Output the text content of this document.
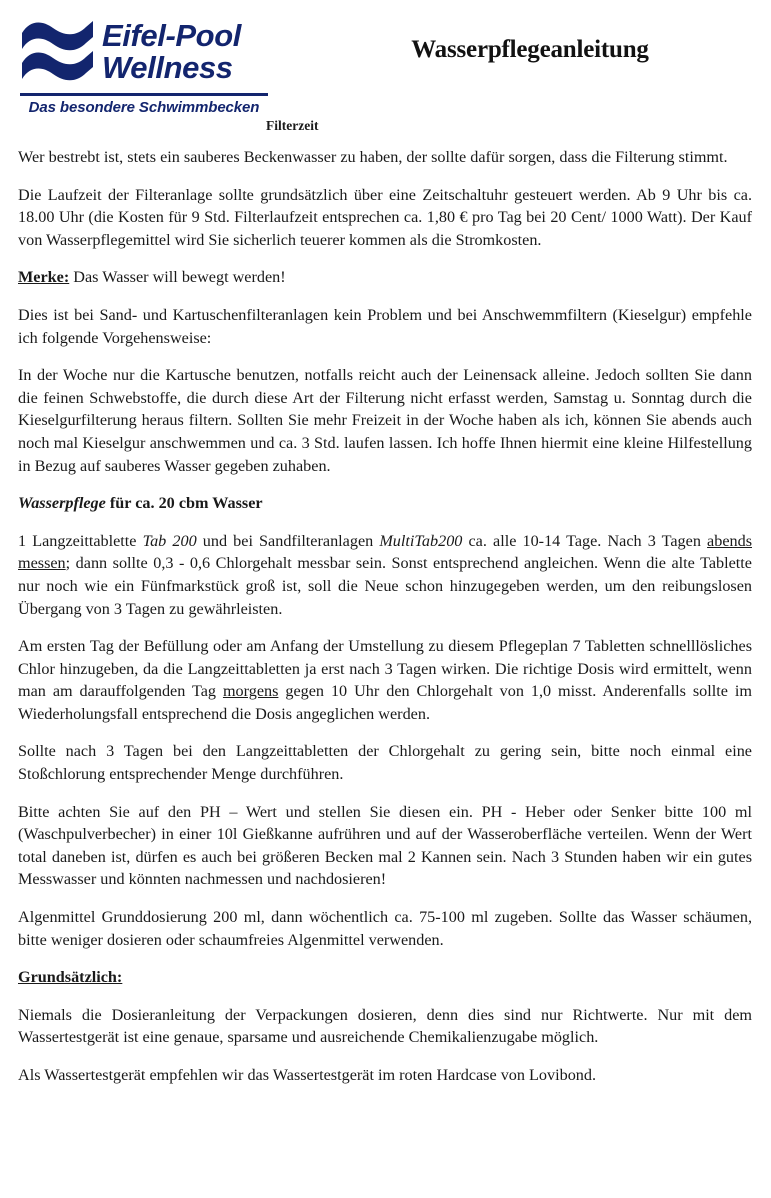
Eifel-Pool
Wellness
Das besondere Schwimmbecken
Wasserpflegeanleitung
Filterzeit

Wer bestrebt ist, stets ein sauberes Beckenwasser zu haben, der sollte dafür sorgen, dass die Filterung stimmt.

Die Laufzeit der Filteranlage sollte grundsätzlich über eine Zeitschaltuhr gesteuert werden. Ab 9 Uhr bis ca. 18.00 Uhr (die Kosten für 9 Std. Filterlaufzeit entsprechen ca. 1,80 € pro Tag bei 20 Cent/ 1000 Watt). Der Kauf von Wasserpflegemittel wird Sie sicherlich teuerer kommen als die Stromkosten.

Merke: Das Wasser will bewegt werden!

Dies ist bei Sand- und Kartuschenfilteranlagen kein Problem und bei Anschwemmfiltern (Kieselgur) empfehle ich folgende Vorgehensweise:

In der Woche nur die Kartusche benutzen, notfalls reicht auch der Leinensack alleine. Jedoch sollten Sie dann die feinen Schwebstoffe, die durch diese Art der Filterung nicht erfasst werden, Samstag u. Sonntag durch die Kieselgurfilterung heraus filtern. Sollten Sie mehr Freizeit in der Woche haben als ich, können Sie abends auch noch mal Kieselgur anschwemmen und ca. 3 Std. laufen lassen. Ich hoffe Ihnen hiermit eine kleine Hilfestellung in Bezug auf sauberes Wasser gegeben zuhaben.

Wasserpflege für ca. 20 cbm Wasser

1 Langzeittablette Tab 200 und bei Sandfilteranlagen MultiTab200 ca. alle 10-14 Tage. Nach 3 Tagen abends messen; dann sollte 0,3 - 0,6 Chlorgehalt messbar sein. Sonst entsprechend angleichen. Wenn die alte Tablette nur noch wie ein Fünfmarkstück groß ist, soll die Neue schon hinzugegeben werden, um den reibungslosen Übergang von 3 Tagen zu gewährleisten.

Am ersten Tag der Befüllung oder am Anfang der Umstellung zu diesem Pflegeplan 7 Tabletten schnelllösliches Chlor hinzugeben, da die Langzeittabletten ja erst nach 3 Tagen wirken. Die richtige Dosis wird ermittelt, wenn man am darauffolgenden Tag morgens gegen 10 Uhr den Chlorgehalt von 1,0 misst. Anderenfalls sollte im Wiederholungsfall entsprechend die Dosis angeglichen werden.

Sollte nach 3 Tagen bei den Langzeittabletten der Chlorgehalt zu gering sein, bitte noch einmal eine Stoßchlorung entsprechender Menge durchführen.

Bitte achten Sie auf den PH – Wert und stellen Sie diesen ein. PH - Heber oder Senker bitte 100 ml (Waschpulverbecher) in einer 10l Gießkanne aufrühren und auf der Wasseroberfläche verteilen. Wenn der Wert total daneben ist, dürfen es auch bei größeren Becken mal 2 Kannen sein. Nach 3 Stunden haben wir ein gutes Messwasser und könnten nachmessen und nachdosieren!

Algenmittel Grunddosierung 200 ml, dann wöchentlich ca. 75-100 ml zugeben. Sollte das Wasser schäumen, bitte weniger dosieren oder schaumfreies Algenmittel verwenden.

Grundsätzlich:

Niemals die Dosieranleitung der Verpackungen dosieren, denn dies sind nur Richtwerte. Nur mit dem Wassertestgerät ist eine genaue, sparsame und ausreichende Chemikalienzugabe möglich.

Als Wassertestgerät empfehlen wir das Wassertestgerät im roten Hardcase von Lovibond.
